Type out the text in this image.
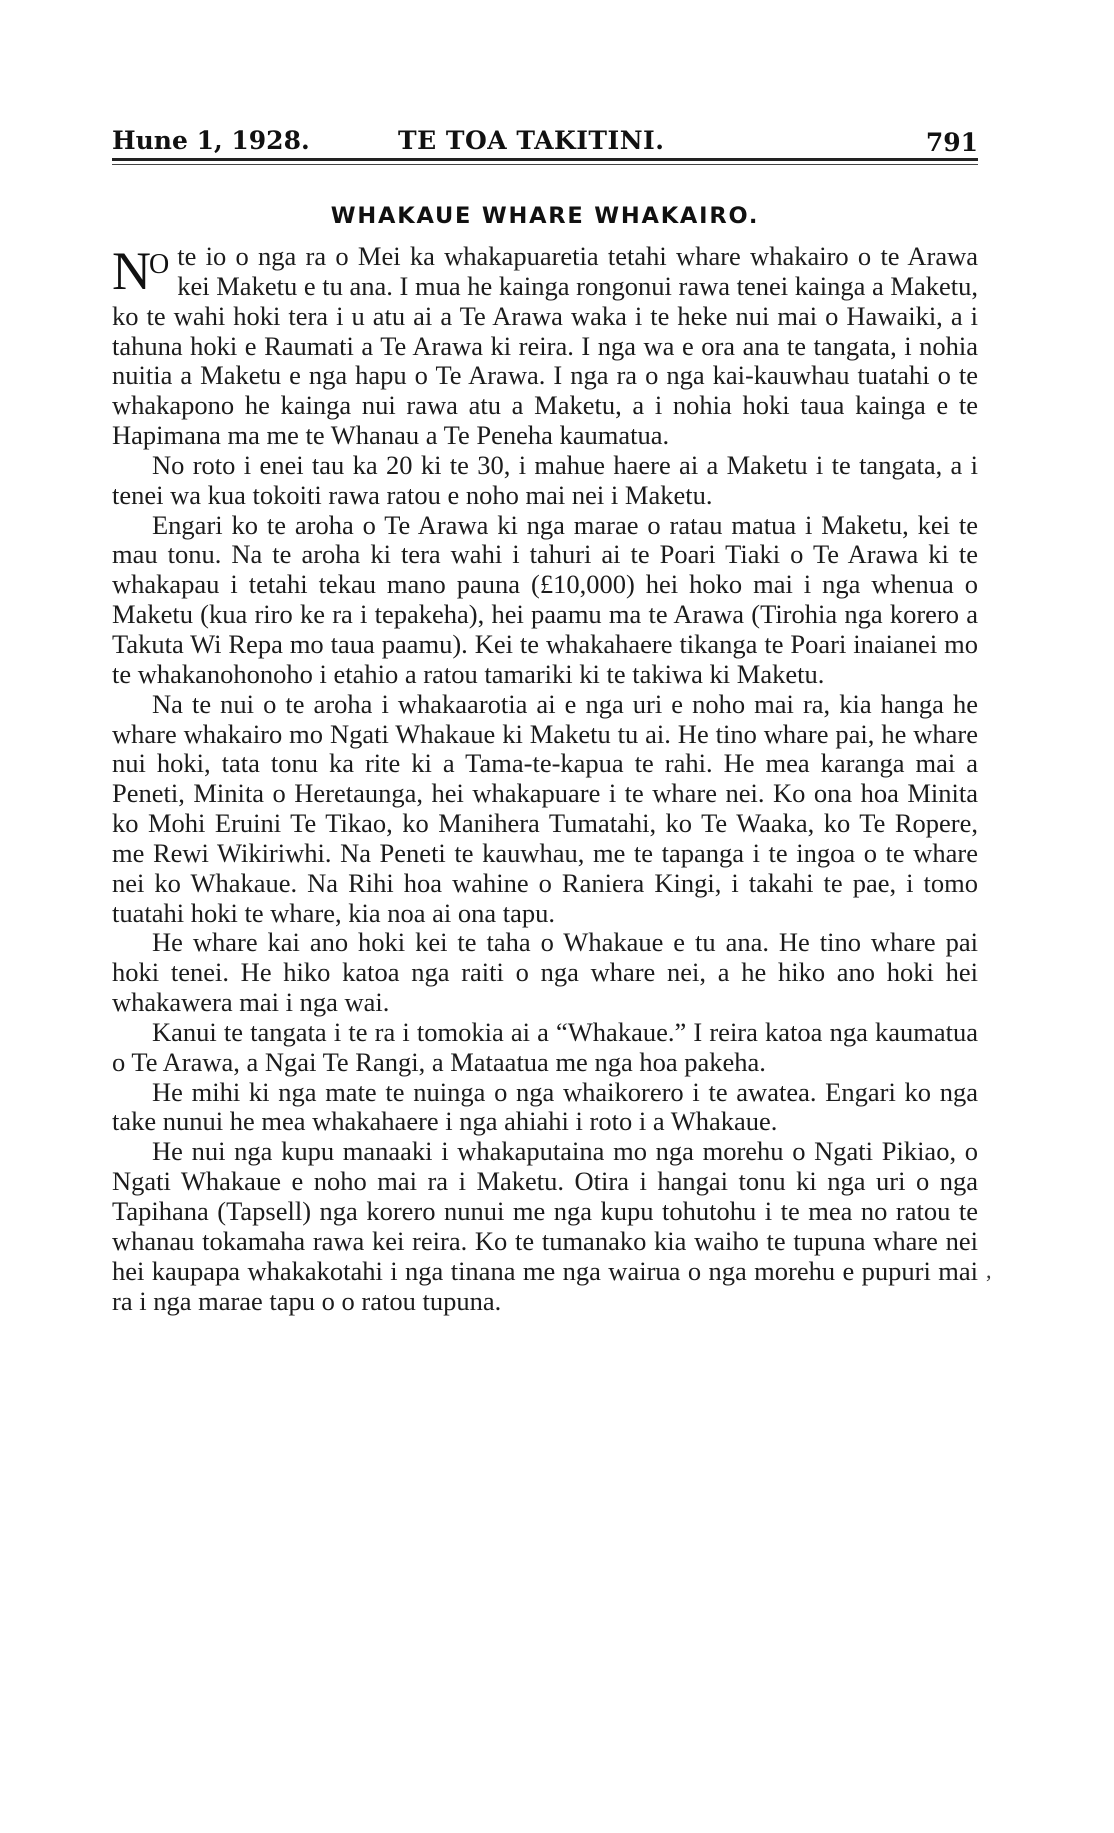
Hune 1, 1928.	TE TOA TAKITINI.	791
WHAKAUE WHARE WHAKAIRO.

$N^O$ te io o nga ra o Mei ka whakapuaretia tetahi whare whakairo o te Arawa kei Maketu e tu ana. I mua he kainga rongonui rawa tenei kainga a Maketu, ko te wahi hoki tera i u atu ai a Te Arawa waka i te heke nui mai o Hawaiki, a i tahuna hoki e Raumati a Te Arawa ki reira. I nga wa e ora ana te tangata, i nohia nuitia a Maketu e nga hapu o Te Arawa. I nga ra o nga kai-kauwhau tuatahi o te whakapono he kainga nui rawa atu a Maketu, a i nohia hoki taua kainga e te Hapimana ma me te Whanau a Te Peneha kaumatua.

No roto i enei tau ka 20 ki te 30, i mahue haere ai a Maketu i te tangata, a i tenei wa kua tokoiti rawa ratou e noho mai nei i Maketu.

Engari ko te aroha o Te Arawa ki nga marae o ratau matua i Maketu, kei te mau tonu. Na te aroha ki tera wahi i tahuri ai te Poari Tiaki o Te Arawa ki te whakapau i tetahi tekau mano pauna (£10,000) hei hoko mai i nga whenua o Maketu (kua riro ke ra i tepakeha), hei paamu ma te Arawa (Tirohia nga korero a Takuta Wi Repa mo taua paamu). Kei te whakahaere tikanga te Poari inaianei mo te whakanohonoho i etahio a ratou tamariki ki te takiwa ki Maketu.

Na te nui o te aroha i whakaarotia ai e nga uri e noho mai ra, kia hanga he whare whakairo mo Ngati Whakaue ki Maketu tu ai. He tino whare pai, he whare nui hoki, tata tonu ka rite ki a Tama-te-kapua te rahi. He mea karanga mai a Peneti, Minita o Heretaunga, hei whakapuare i te whare nei. Ko ona hoa Minita ko Mohi Eruini Te Tikao, ko Manihera Tumatahi, ko Te Waaka, ko Te Ropere, me Rewi Wikiriwhi. Na Peneti te kauwhau, me te tapanga i te ingoa o te whare nei ko Whakaue. Na Rihi hoa wahine o Raniera Kingi, i takahi te pae, i tomo tuatahi hoki te whare, kia noa ai ona tapu.

He whare kai ano hoki kei te taha o Whakaue e tu ana. He tino whare pai hoki tenei. He hiko katoa nga raiti o nga whare nei, a he hiko ano hoki hei whakawera mai i nga wai.

Kanui te tangata i te ra i tomokia ai a “Whakaue.” I reira katoa nga kaumatua o Te Arawa, a Ngai Te Rangi, a Mataatua me nga hoa pakeha.

He mihi ki nga mate te nuinga o nga whaikorero i te awatea. Engari ko nga take nunui he mea whakahaere i nga ahiahi i roto i a Whakaue.

He nui nga kupu manaaki i whakaputaina mo nga morehu o Ngati Pikiao, o Ngati Whakaue e noho mai ra i Maketu. Otira i hangai tonu ki nga uri o nga Tapihana (Tapsell) nga korero nunui me nga kupu tohutohu i te mea no ratou te whanau tokamaha rawa kei reira. Ko te tumanako kia waiho te tupuna whare nei hei kaupapa whakakotahi i nga tinana me nga wairua o nga morehu e pupuri mai ra i nga marae tapu o o ratou tupuna.

,
